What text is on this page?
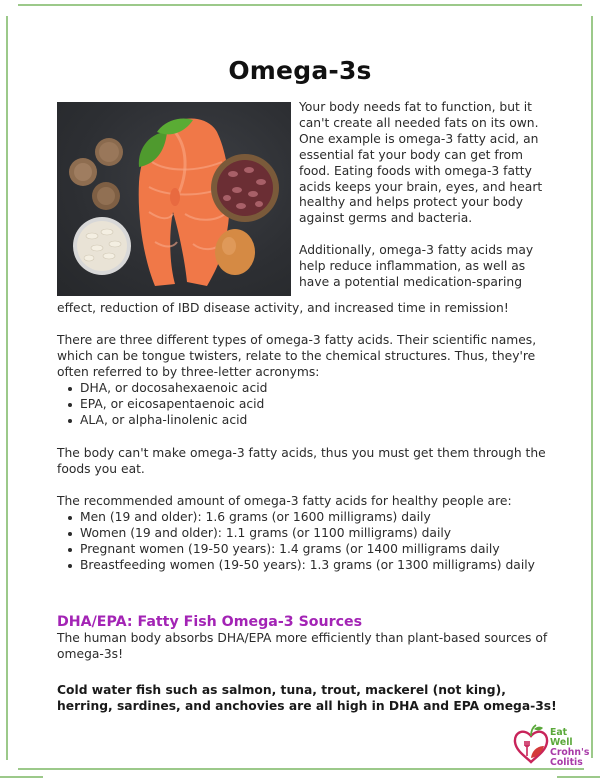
Omega-3s

Your body needs fat to function, but it can't create all needed fats on its own. One example is omega-3 fatty acid, an essential fat your body can get from food. Eating foods with omega-3 fatty acids keeps your brain, eyes, and heart healthy and helps protect your body against germs and bacteria.

Additionally, omega-3 fatty acids may help reduce inflammation, as well as have a potential medication-sparing

effect, reduction of IBD disease activity, and increased time in remission!

There are three different types of omega-3 fatty acids. Their scientific names, which can be tongue twisters, relate to the chemical structures. Thus, they're often referred to by three-letter acronyms:

DHA, or docosahexaenoic acid
EPA, or eicosapentaenoic acid
ALA, or alpha-linolenic acid
The body can't make omega-3 fatty acids, thus you must get them through the foods you eat.

The recommended amount of omega-3 fatty acids for healthy people are:

Men (19 and older): 1.6 grams (or 1600 milligrams) daily
Women (19 and older): 1.1 grams (or 1100 milligrams) daily
Pregnant women (19-50 years): 1.4 grams (or 1400 milligrams daily
Breastfeeding women (19-50 years): 1.3 grams (or 1300 milligrams) daily
DHA/EPA: Fatty Fish Omega-3 Sources
The human body absorbs DHA/EPA more efficiently than plant-based sources of omega-3s!
Cold water fish such as salmon, tuna, trout, mackerel (not king), herring, sardines, and anchovies are all high in DHA and EPA omega-3s!
Eat Well
Crohn's
Colitis
